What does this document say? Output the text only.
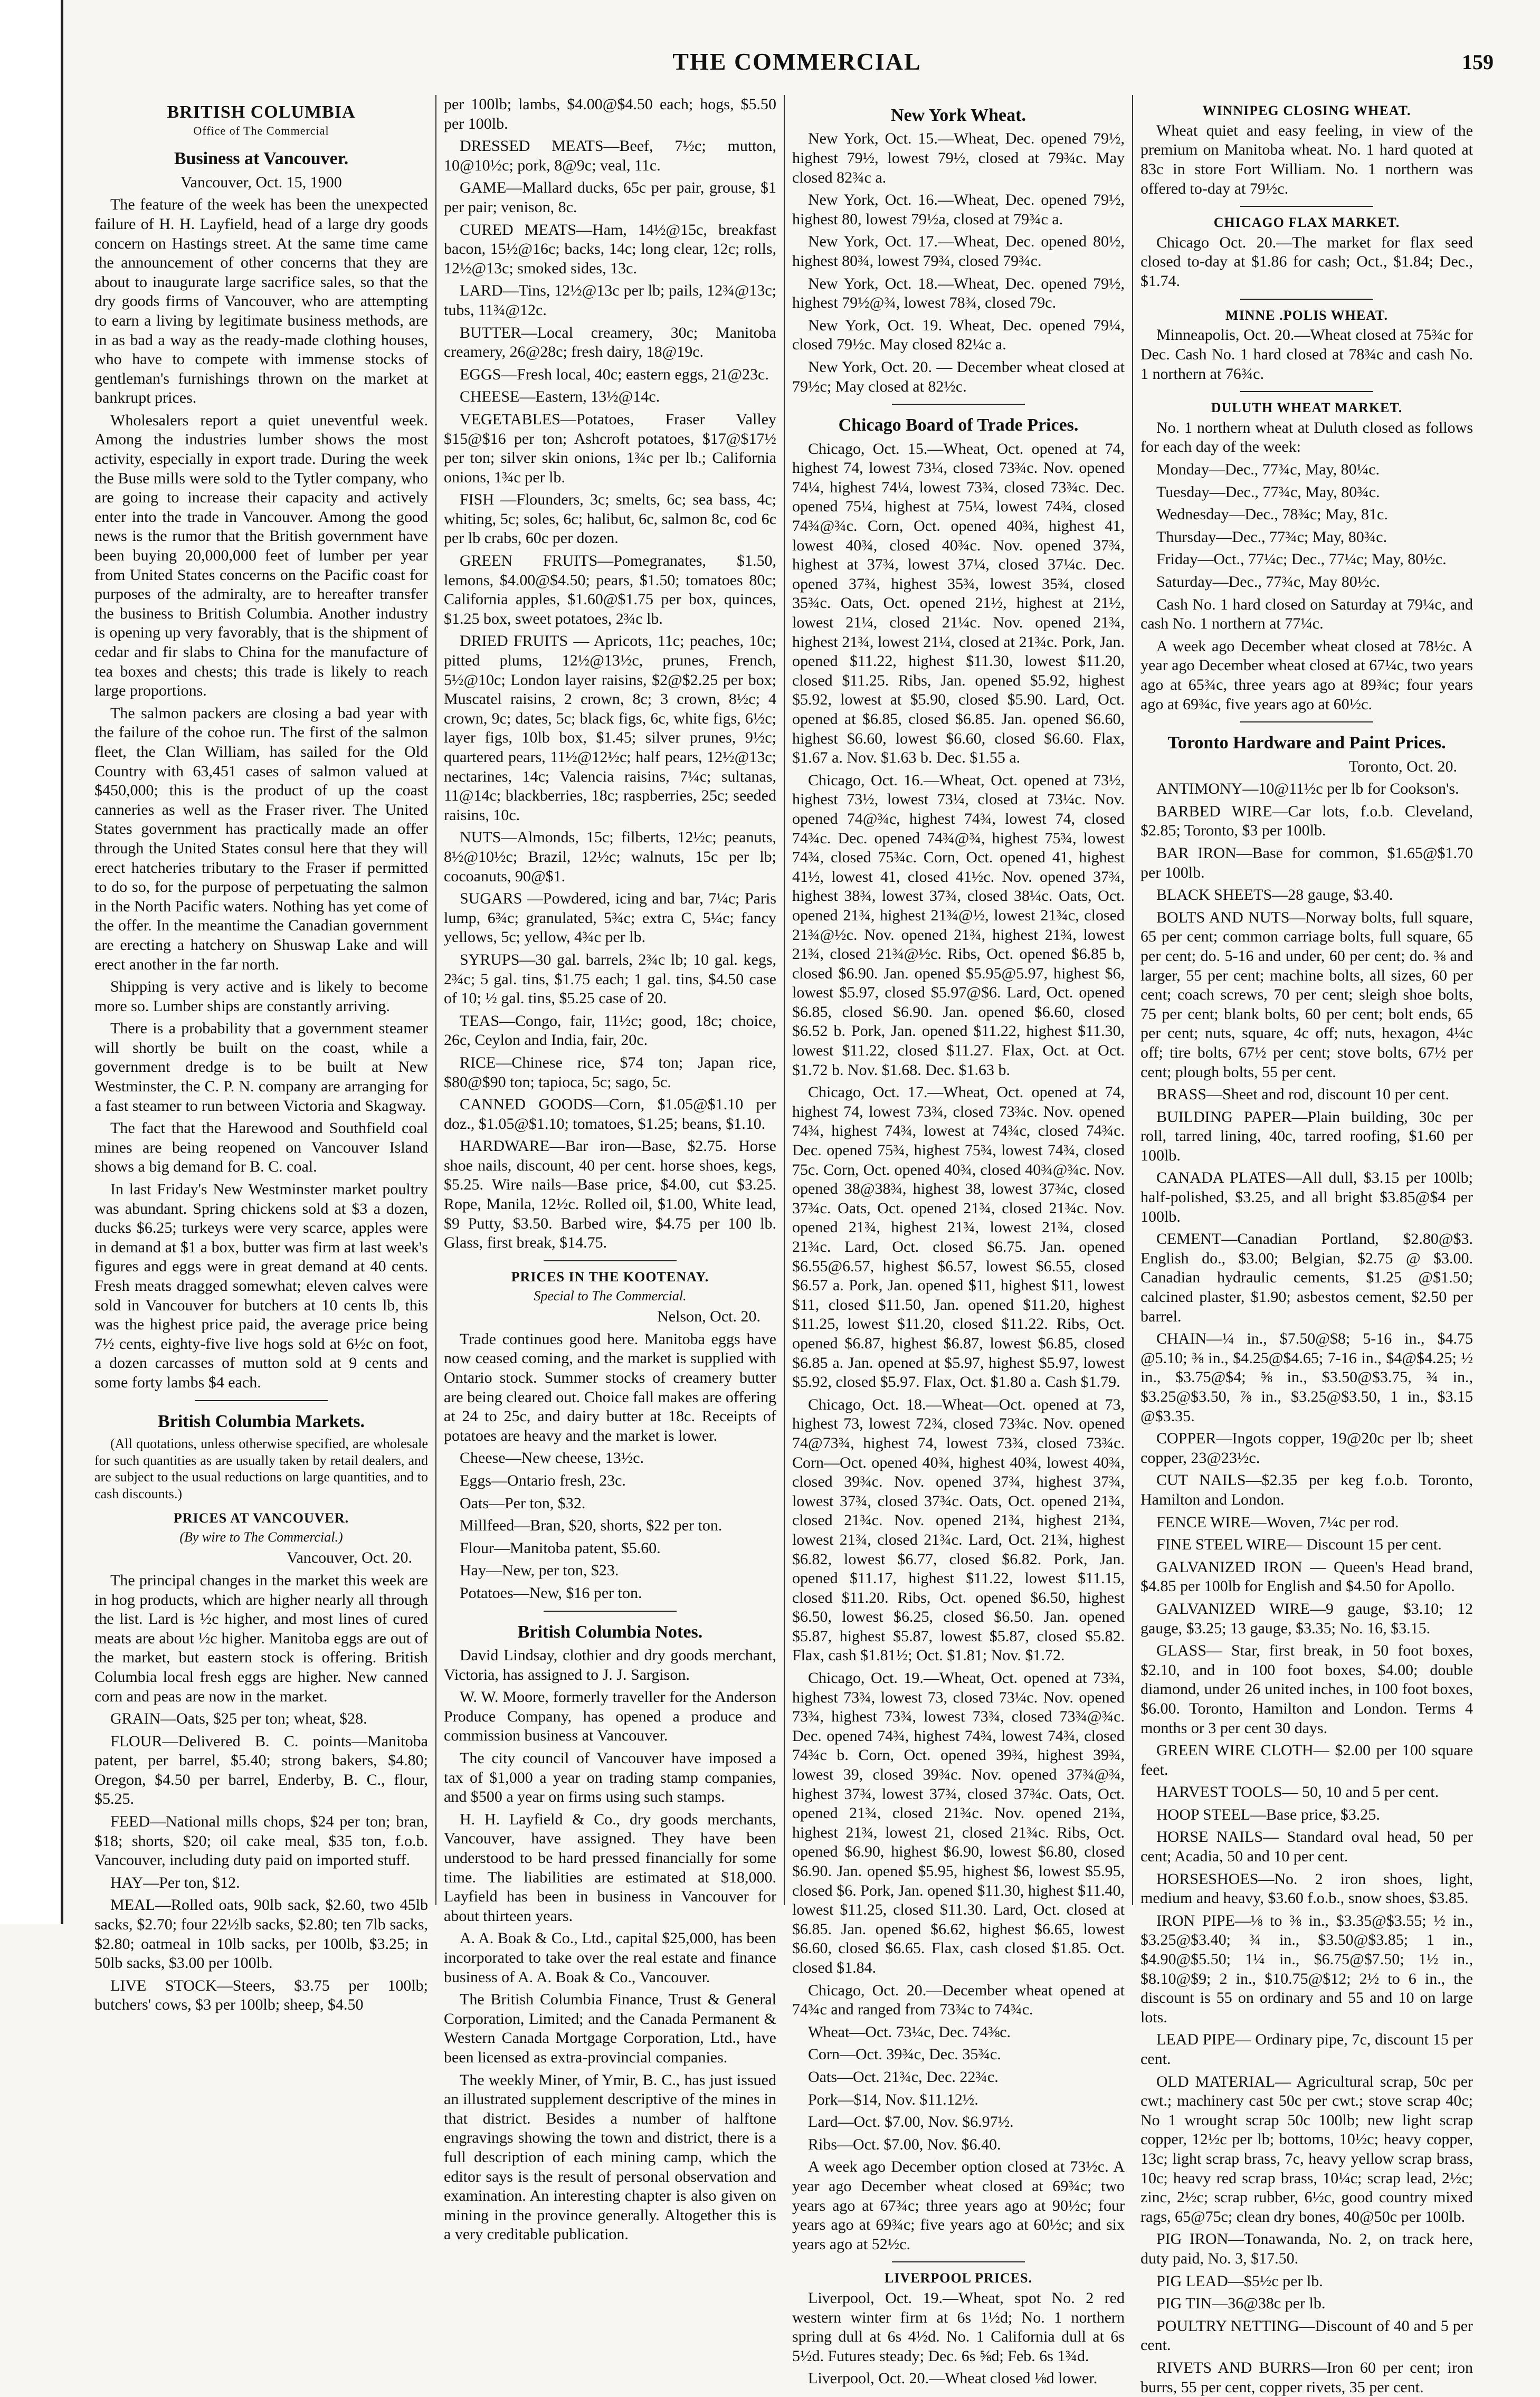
THE COMMERCIAL	159
BRITISH COLUMBIA
Office of The Commercial
Business at Vancouver.
Vancouver, Oct. 15, 1900

The feature of the week has been the unexpected failure of H. H. Layfield, head of a large dry goods concern on Hastings street. At the same time came the announcement of other concerns that they are about to inaugurate large sacrifice sales, so that the dry goods firms of Vancouver, who are attempting to earn a living by legitimate business methods, are in as bad a way as the ready-made clothing houses, who have to compete with immense stocks of gentleman's furnishings thrown on the market at bankrupt prices.

Wholesalers report a quiet uneventful week. Among the industries lumber shows the most activity, especially in export trade. During the week the Buse mills were sold to the Tytler company, who are going to increase their capacity and actively enter into the trade in Vancouver. Among the good news is the rumor that the British government have been buying 20,000,000 feet of lumber per year from United States concerns on the Pacific coast for purposes of the admiralty, are to hereafter transfer the business to British Columbia. Another industry is opening up very favorably, that is the shipment of cedar and fir slabs to China for the manufacture of tea boxes and chests; this trade is likely to reach large proportions.

The salmon packers are closing a bad year with the failure of the cohoe run. The first of the salmon fleet, the Clan William, has sailed for the Old Country with 63,451 cases of salmon valued at $450,000; this is the product of up the coast canneries as well as the Fraser river. The United States government has practically made an offer through the United States consul here that they will erect hatcheries tributary to the Fraser if permitted to do so, for the purpose of perpetuating the salmon in the North Pacific waters. Nothing has yet come of the offer. In the meantime the Canadian government are erecting a hatchery on Shuswap Lake and will erect another in the far north.

Shipping is very active and is likely to become more so. Lumber ships are constantly arriving.

There is a probability that a government steamer will shortly be built on the coast, while a government dredge is to be built at New Westminster, the C. P. N. company are arranging for a fast steamer to run between Victoria and Skagway.

The fact that the Harewood and Southfield coal mines are being reopened on Vancouver Island shows a big demand for B. C. coal.

In last Friday's New Westminster market poultry was abundant. Spring chickens sold at $3 a dozen, ducks $6.25; turkeys were very scarce, apples were in demand at $1 a box, butter was firm at last week's figures and eggs were in great demand at 40 cents. Fresh meats dragged somewhat; eleven calves were sold in Vancouver for butchers at 10 cents lb, this was the highest price paid, the average price being 7½ cents, eighty-five live hogs sold at 6½c on foot, a dozen carcasses of mutton sold at 9 cents and some forty lambs $4 each.

British Columbia Markets.

(All quotations, unless otherwise specified, are wholesale for such quantities as are usually taken by retail dealers, and are subject to the usual reductions on large quantities, and to cash discounts.)

PRICES AT VANCOUVER.
(By wire to The Commercial.)
Vancouver, Oct. 20.

The principal changes in the market this week are in hog products, which are higher nearly all through the list. Lard is ½c higher, and most lines of cured meats are about ½c higher. Manitoba eggs are out of the market, but eastern stock is offering. British Columbia local fresh eggs are higher. New canned corn and peas are now in the market.

GRAIN—Oats, $25 per ton; wheat, $28.

FLOUR—Delivered B. C. points—Manitoba patent, per barrel, $5.40; strong bakers, $4.80; Oregon, $4.50 per barrel, Enderby, B. C., flour, $5.25.

FEED—National mills chops, $24 per ton; bran, $18; shorts, $20; oil cake meal, $35 ton, f.o.b. Vancouver, including duty paid on imported stuff.

HAY—Per ton, $12.

MEAL—Rolled oats, 90lb sack, $2.60, two 45lb sacks, $2.70; four 22½lb sacks, $2.80; ten 7lb sacks, $2.80; oatmeal in 10lb sacks, per 100lb, $3.25; in 50lb sacks, $3.00 per 100lb.

LIVE STOCK—Steers, $3.75 per 100lb; butchers' cows, $3 per 100lb; sheep, $4.50

per 100lb; lambs, $4.00@$4.50 each; hogs, $5.50 per 100lb.

DRESSED MEATS—Beef, 7½c; mutton, 10@10½c; pork, 8@9c; veal, 11c.

GAME—Mallard ducks, 65c per pair, grouse, $1 per pair; venison, 8c.

CURED MEATS—Ham, 14½@15c, breakfast bacon, 15½@16c; backs, 14c; long clear, 12c; rolls, 12½@13c; smoked sides, 13c.

LARD—Tins, 12½@13c per lb; pails, 12¾@13c; tubs, 11¾@12c.

BUTTER—Local creamery, 30c; Manitoba creamery, 26@28c; fresh dairy, 18@19c.

EGGS—Fresh local, 40c; eastern eggs, 21@23c.

CHEESE—Eastern, 13½@14c.

VEGETABLES—Potatoes, Fraser Valley $15@$16 per ton; Ashcroft potatoes, $17@$17½ per ton; silver skin onions, 1¾c per lb.; California onions, 1¾c per lb.

FISH —Flounders, 3c; smelts, 6c; sea bass, 4c; whiting, 5c; soles, 6c; halibut, 6c, salmon 8c, cod 6c per lb crabs, 60c per dozen.

GREEN FRUITS—Pomegranates, $1.50, lemons, $4.00@$4.50; pears, $1.50; tomatoes 80c; California apples, $1.60@$1.75 per box, quinces, $1.25 box, sweet potatoes, 2¾c lb.

DRIED FRUITS — Apricots, 11c; peaches, 10c; pitted plums, 12½@13½c, prunes, French, 5½@10c; London layer raisins, $2@$2.25 per box; Muscatel raisins, 2 crown, 8c; 3 crown, 8½c; 4 crown, 9c; dates, 5c; black figs, 6c, white figs, 6½c; layer figs, 10lb box, $1.45; silver prunes, 9½c; quartered pears, 11½@12½c; half pears, 12½@13c; nectarines, 14c; Valencia raisins, 7¼c; sultanas, 11@14c; blackberries, 18c; raspberries, 25c; seeded raisins, 10c.

NUTS—Almonds, 15c; filberts, 12½c; peanuts, 8½@10½c; Brazil, 12½c; walnuts, 15c per lb; cocoanuts, 90@$1.

SUGARS —Powdered, icing and bar, 7¼c; Paris lump, 6¾c; granulated, 5¾c; extra C, 5¼c; fancy yellows, 5c; yellow, 4¾c per lb.

SYRUPS—30 gal. barrels, 2¾c lb; 10 gal. kegs, 2¾c; 5 gal. tins, $1.75 each; 1 gal. tins, $4.50 case of 10; ½ gal. tins, $5.25 case of 20.

TEAS—Congo, fair, 11½c; good, 18c; choice, 26c, Ceylon and India, fair, 20c.

RICE—Chinese rice, $74 ton; Japan rice, $80@$90 ton; tapioca, 5c; sago, 5c.

CANNED GOODS—Corn, $1.05@$1.10 per doz., $1.05@$1.10; tomatoes, $1.25; beans, $1.10.

HARDWARE—Bar iron—Base, $2.75. Horse shoe nails, discount, 40 per cent. horse shoes, kegs, $5.25. Wire nails—Base price, $4.00, cut $3.25. Rope, Manila, 12½c. Rolled oil, $1.00, White lead, $9 Putty, $3.50. Barbed wire, $4.75 per 100 lb. Glass, first break, $14.75.

PRICES IN THE KOOTENAY.
Special to The Commercial.
Nelson, Oct. 20.

Trade continues good here. Manitoba eggs have now ceased coming, and the market is supplied with Ontario stock. Summer stocks of creamery butter are being cleared out. Choice fall makes are offering at 24 to 25c, and dairy butter at 18c. Receipts of potatoes are heavy and the market is lower.

Cheese—New cheese, 13½c.

Eggs—Ontario fresh, 23c.

Oats—Per ton, $32.

Millfeed—Bran, $20, shorts, $22 per ton.

Flour—Manitoba patent, $5.60.

Hay—New, per ton, $23.

Potatoes—New, $16 per ton.

British Columbia Notes.

David Lindsay, clothier and dry goods merchant, Victoria, has assigned to J. J. Sargison.

W. W. Moore, formerly traveller for the Anderson Produce Company, has opened a produce and commission business at Vancouver.

The city council of Vancouver have imposed a tax of $1,000 a year on trading stamp companies, and $500 a year on firms using such stamps.

H. H. Layfield & Co., dry goods merchants, Vancouver, have assigned. They have been understood to be hard pressed financially for some time. The liabilities are estimated at $18,000. Layfield has been in business in Vancouver for about thirteen years.

A. A. Boak & Co., Ltd., capital $25,000, has been incorporated to take over the real estate and finance business of A. A. Boak & Co., Vancouver.

The British Columbia Finance, Trust & General Corporation, Limited; and the Canada Permanent & Western Canada Mortgage Corporation, Ltd., have been licensed as extra-provincial companies.

The weekly Miner, of Ymir, B. C., has just issued an illustrated supplement descriptive of the mines in that district. Besides a number of halftone engravings showing the town and district, there is a full description of each mining camp, which the editor says is the result of personal observation and examination. An interesting chapter is also given on mining in the province generally. Altogether this is a very creditable publication.

New York Wheat.

New York, Oct. 15.—Wheat, Dec. opened 79½, highest 79½, lowest 79½, closed at 79¾c. May closed 82¾c a.

New York, Oct. 16.—Wheat, Dec. opened 79½, highest 80, lowest 79½a, closed at 79¾c a.

New York, Oct. 17.—Wheat, Dec. opened 80½, highest 80¾, lowest 79¾, closed 79¾c.

New York, Oct. 18.—Wheat, Dec. opened 79½, highest 79½@¾, lowest 78¾, closed 79c.

New York, Oct. 19. Wheat, Dec. opened 79¼, closed 79½c. May closed 82¼c a.

New York, Oct. 20. — December wheat closed at 79½c; May closed at 82½c.

Chicago Board of Trade Prices.

Chicago, Oct. 15.—Wheat, Oct. opened at 74, highest 74, lowest 73¼, closed 73¾c. Nov. opened 74¼, highest 74¼, lowest 73¾, closed 73¾c. Dec. opened 75¼, highest at 75¼, lowest 74¾, closed 74¾@¾c. Corn, Oct. opened 40¾, highest 41, lowest 40¾, closed 40¾c. Nov. opened 37¾, highest at 37¾, lowest 37¼, closed 37¼c. Dec. opened 37¾, highest 35¾, lowest 35¾, closed 35¾c. Oats, Oct. opened 21½, highest at 21½, lowest 21¼, closed 21¼c. Nov. opened 21¾, highest 21¾, lowest 21¼, closed at 21¾c. Pork, Jan. opened $11.22, highest $11.30, lowest $11.20, closed $11.25. Ribs, Jan. opened $5.92, highest $5.92, lowest at $5.90, closed $5.90. Lard, Oct. opened at $6.85, closed $6.85. Jan. opened $6.60, highest $6.60, lowest $6.60, closed $6.60. Flax, $1.67 a. Nov. $1.63 b. Dec. $1.55 a.

Chicago, Oct. 16.—Wheat, Oct. opened at 73½, highest 73½, lowest 73¼, closed at 73¼c. Nov. opened 74@¾c, highest 74¾, lowest 74, closed 74¾c. Dec. opened 74¾@¾, highest 75¾, lowest 74¾, closed 75¾c. Corn, Oct. opened 41, highest 41½, lowest 41, closed 41½c. Nov. opened 37¾, highest 38¾, lowest 37¾, closed 38¼c. Oats, Oct. opened 21¾, highest 21¾@½, lowest 21¾c, closed 21¾@½c. Nov. opened 21¾, highest 21¾, lowest 21¾, closed 21¾@½c. Ribs, Oct. opened $6.85 b, closed $6.90. Jan. opened $5.95@5.97, highest $6, lowest $5.97, closed $5.97@$6. Lard, Oct. opened $6.85, closed $6.90. Jan. opened $6.60, closed $6.52 b. Pork, Jan. opened $11.22, highest $11.30, lowest $11.22, closed $11.27. Flax, Oct. at Oct. $1.72 b. Nov. $1.68. Dec. $1.63 b.

Chicago, Oct. 17.—Wheat, Oct. opened at 74, highest 74, lowest 73¾, closed 73¾c. Nov. opened 74¾, highest 74¾, lowest at 74¾c, closed 74¾c. Dec. opened 75¾, highest 75¾, lowest 74¾, closed 75c. Corn, Oct. opened 40¾, closed 40¾@¾c. Nov. opened 38@38¾, highest 38, lowest 37¾c, closed 37¾c. Oats, Oct. opened 21¾, closed 21¾c. Nov. opened 21¾, highest 21¾, lowest 21¾, closed 21¾c. Lard, Oct. closed $6.75. Jan. opened $6.55@6.57, highest $6.57, lowest $6.55, closed $6.57 a. Pork, Jan. opened $11, highest $11, lowest $11, closed $11.50, Jan. opened $11.20, highest $11.25, lowest $11.20, closed $11.22. Ribs, Oct. opened $6.87, highest $6.87, lowest $6.85, closed $6.85 a. Jan. opened at $5.97, highest $5.97, lowest $5.92, closed $5.97. Flax, Oct. $1.80 a. Cash $1.79.

Chicago, Oct. 18.—Wheat—Oct. opened at 73, highest 73, lowest 72¾, closed 73¾c. Nov. opened 74@73¾, highest 74, lowest 73¾, closed 73¾c. Corn—Oct. opened 40¾, highest 40¾, lowest 40¾, closed 39¾c. Nov. opened 37¾, highest 37¾, lowest 37¾, closed 37¾c. Oats, Oct. opened 21¾, closed 21¾c. Nov. opened 21¾, highest 21¾, lowest 21¾, closed 21¾c. Lard, Oct. 21¾, highest $6.82, lowest $6.77, closed $6.82. Pork, Jan. opened $11.17, highest $11.22, lowest $11.15, closed $11.20. Ribs, Oct. opened $6.50, highest $6.50, lowest $6.25, closed $6.50. Jan. opened $5.87, highest $5.87, lowest $5.87, closed $5.82. Flax, cash $1.81½; Oct. $1.81; Nov. $1.72.

Chicago, Oct. 19.—Wheat, Oct. opened at 73¾, highest 73¾, lowest 73, closed 73¼c. Nov. opened 73¾, highest 73¾, lowest 73¾, closed 73¾@¾c. Dec. opened 74¾, highest 74¾, lowest 74¾, closed 74¾c b. Corn, Oct. opened 39¾, highest 39¾, lowest 39, closed 39¾c. Nov. opened 37¾@¾, highest 37¾, lowest 37¾, closed 37¾c. Oats, Oct. opened 21¾, closed 21¾c. Nov. opened 21¾, highest 21¾, lowest 21, closed 21¾c. Ribs, Oct. opened $6.90, highest $6.90, lowest $6.80, closed $6.90. Jan. opened $5.95, highest $6, lowest $5.95, closed $6. Pork, Jan. opened $11.30, highest $11.40, lowest $11.25, closed $11.30. Lard, Oct. closed at $6.85. Jan. opened $6.62, highest $6.65, lowest $6.60, closed $6.65. Flax, cash closed $1.85. Oct. closed $1.84.

Chicago, Oct. 20.—December wheat opened at 74¾c and ranged from 73¾c to 74¾c.

Wheat—Oct. 73¼c, Dec. 74⅜c.

Corn—Oct. 39¾c, Dec. 35¾c.

Oats—Oct. 21¾c, Dec. 22¾c.

Pork—$14, Nov. $11.12½.

Lard—Oct. $7.00, Nov. $6.97½.

Ribs—Oct. $7.00, Nov. $6.40.

A week ago December option closed at 73½c. A year ago December wheat closed at 69¾c; two years ago at 67¾c; three years ago at 90½c; four years ago at 69¾c; five years ago at 60½c; and six years ago at 52½c.

LIVERPOOL PRICES.

Liverpool, Oct. 19.—Wheat, spot No. 2 red western winter firm at 6s 1½d; No. 1 northern spring dull at 6s 4½d. No. 1 California dull at 6s 5½d. Futures steady; Dec. 6s ⅝d; Feb. 6s 1¾d.

Liverpool, Oct. 20.—Wheat closed ⅛d lower.

WINNIPEG CLOSING WHEAT.

Wheat quiet and easy feeling, in view of the premium on Manitoba wheat. No. 1 hard quoted at 83c in store Fort William. No. 1 northern was offered to-day at 79½c.

CHICAGO FLAX MARKET.

Chicago Oct. 20.—The market for flax seed closed to-day at $1.86 for cash; Oct., $1.84; Dec., $1.74.

MINNE .POLIS WHEAT.

Minneapolis, Oct. 20.—Wheat closed at 75¾c for Dec. Cash No. 1 hard closed at 78¾c and cash No. 1 northern at 76¾c.

DULUTH WHEAT MARKET.

No. 1 northern wheat at Duluth closed as follows for each day of the week:

Monday—Dec., 77¾c, May, 80¼c.

Tuesday—Dec., 77¾c, May, 80¾c.

Wednesday—Dec., 78¾c; May, 81c.

Thursday—Dec., 77¾c; May, 80¾c.

Friday—Oct., 77¼c; Dec., 77¼c; May, 80½c.

Saturday—Dec., 77¾c, May 80½c.

Cash No. 1 hard closed on Saturday at 79¼c, and cash No. 1 northern at 77¼c.

A week ago December wheat closed at 78½c. A year ago December wheat closed at 67¼c, two years ago at 65¾c, three years ago at 89¾c; four years ago at 69¾c, five years ago at 60½c.

Toronto Hardware and Paint Prices.
Toronto, Oct. 20.

ANTIMONY—10@11½c per lb for Cookson's.

BARBED WIRE—Car lots, f.o.b. Cleveland, $2.85; Toronto, $3 per 100lb.

BAR IRON—Base for common, $1.65@$1.70 per 100lb.

BLACK SHEETS—28 gauge, $3.40.

BOLTS AND NUTS—Norway bolts, full square, 65 per cent; common carriage bolts, full square, 65 per cent; do. 5-16 and under, 60 per cent; do. ⅜ and larger, 55 per cent; machine bolts, all sizes, 60 per cent; coach screws, 70 per cent; sleigh shoe bolts, 75 per cent; blank bolts, 60 per cent; bolt ends, 65 per cent; nuts, square, 4c off; nuts, hexagon, 4¼c off; tire bolts, 67½ per cent; stove bolts, 67½ per cent; plough bolts, 55 per cent.

BRASS—Sheet and rod, discount 10 per cent.

BUILDING PAPER—Plain building, 30c per roll, tarred lining, 40c, tarred roofing, $1.60 per 100lb.

CANADA PLATES—All dull, $3.15 per 100lb; half-polished, $3.25, and all bright $3.85@$4 per 100lb.

CEMENT—Canadian Portland, $2.80@$3. English do., $3.00; Belgian, $2.75 @ $3.00. Canadian hydraulic cements, $1.25 @$1.50; calcined plaster, $1.90; asbestos cement, $2.50 per barrel.

CHAIN—¼ in., $7.50@$8; 5-16 in., $4.75 @5.10; ⅜ in., $4.25@$4.65; 7-16 in., $4@$4.25; ½ in., $3.75@$4; ⅝ in., $3.50@$3.75, ¾ in., $3.25@$3.50, ⅞ in., $3.25@$3.50, 1 in., $3.15 @$3.35.

COPPER—Ingots copper, 19@20c per lb; sheet copper, 23@23½c.

CUT NAILS—$2.35 per keg f.o.b. Toronto, Hamilton and London.

FENCE WIRE—Woven, 7¼c per rod.

FINE STEEL WIRE— Discount 15 per cent.

GALVANIZED IRON — Queen's Head brand, $4.85 per 100lb for English and $4.50 for Apollo.

GALVANIZED WIRE—9 gauge, $3.10; 12 gauge, $3.25; 13 gauge, $3.35; No. 16, $3.15.

GLASS— Star, first break, in 50 foot boxes, $2.10, and in 100 foot boxes, $4.00; double diamond, under 26 united inches, in 100 foot boxes, $6.00. Toronto, Hamilton and London. Terms 4 months or 3 per cent 30 days.

GREEN WIRE CLOTH— $2.00 per 100 square feet.

HARVEST TOOLS— 50, 10 and 5 per cent.

HOOP STEEL—Base price, $3.25.

HORSE NAILS— Standard oval head, 50 per cent; Acadia, 50 and 10 per cent.

HORSESHOES—No. 2 iron shoes, light, medium and heavy, $3.60 f.o.b., snow shoes, $3.85.

IRON PIPE—⅛ to ⅜ in., $3.35@$3.55; ½ in., $3.25@$3.40; ¾ in., $3.50@$3.85; 1 in., $4.90@$5.50; 1¼ in., $6.75@$7.50; 1½ in., $8.10@$9; 2 in., $10.75@$12; 2½ to 6 in., the discount is 55 on ordinary and 55 and 10 on large lots.

LEAD PIPE— Ordinary pipe, 7c, discount 15 per cent.

OLD MATERIAL— Agricultural scrap, 50c per cwt.; machinery cast 50c per cwt.; stove scrap 40c; No 1 wrought scrap 50c 100lb; new light scrap copper, 12½c per lb; bottoms, 10½c; heavy copper, 13c; light scrap brass, 7c, heavy yellow scrap brass, 10c; heavy red scrap brass, 10¼c; scrap lead, 2½c; zinc, 2½c; scrap rubber, 6½c, good country mixed rags, 65@75c; clean dry bones, 40@50c per 100lb.

PIG IRON—Tonawanda, No. 2, on track here, duty paid, No. 3, $17.50.

PIG LEAD—$5½c per lb.

PIG TIN—36@38c per lb.

POULTRY NETTING—Discount of 40 and 5 per cent.

RIVETS AND BURRS—Iron 60 per cent; iron burrs, 55 per cent, copper rivets, 35 per cent.
